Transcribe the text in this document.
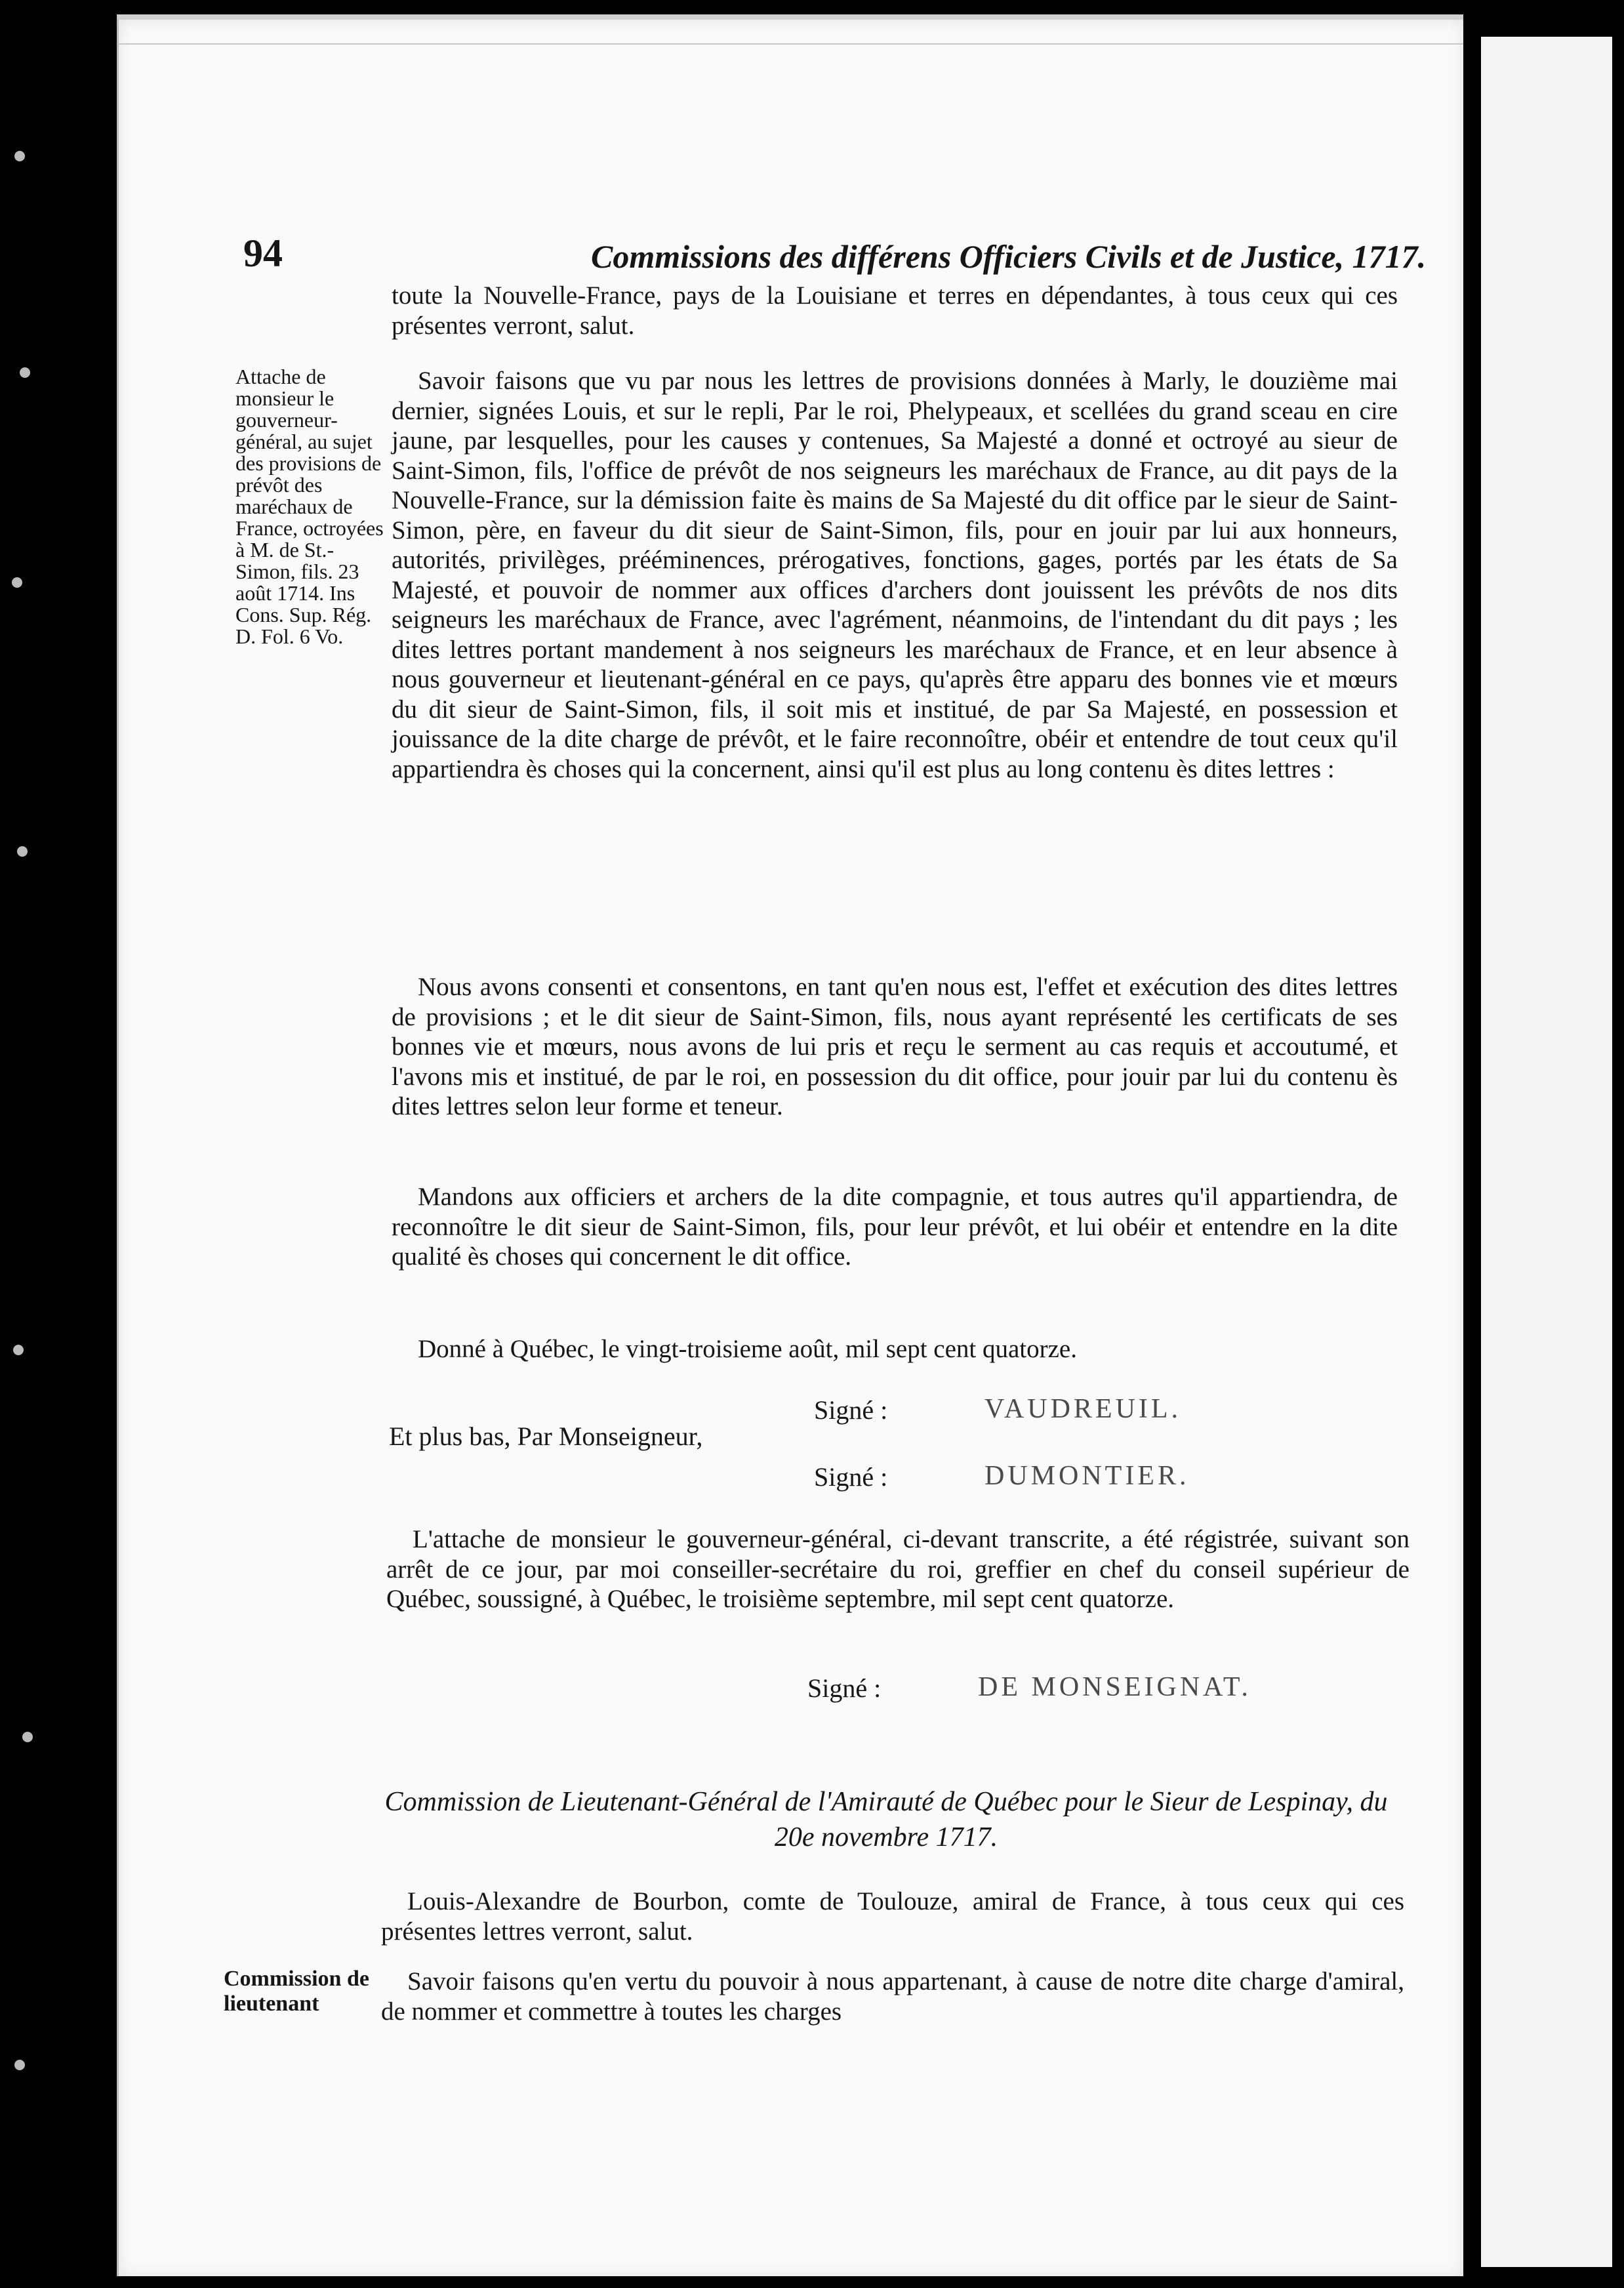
94	Commissions des différens Officiers Civils et de Justice, 1717.

toute la Nouvelle-France, pays de la Louisiane et terres en dépendantes, à tous ceux qui ces présentes verront, salut.

Attache de monsieur le gouverneur-général, au sujet des provisions de prévôt des maréchaux de France, octroyées à M. de St.-Simon, fils. 23 août 1714. Ins Cons. Sup. Rég. D. Fol. 6 Vo.

Savoir faisons que vu par nous les lettres de provisions données à Marly, le douzième mai dernier, signées Louis, et sur le repli, Par le roi, Phelypeaux, et scellées du grand sceau en cire jaune, par lesquelles, pour les causes y contenues, Sa Majesté a donné et octroyé au sieur de Saint-Simon, fils, l'office de prévôt de nos seigneurs les maréchaux de France, au dit pays de la Nouvelle-France, sur la démission faite ès mains de Sa Majesté du dit office par le sieur de Saint-Simon, père, en faveur du dit sieur de Saint-Simon, fils, pour en jouir par lui aux honneurs, autorités, privilèges, prééminences, prérogatives, fonctions, gages, portés par les états de Sa Majesté, et pouvoir de nommer aux offices d'archers dont jouissent les prévôts de nos dits seigneurs les maréchaux de France, avec l'agrément, néanmoins, de l'intendant du dit pays ; les dites lettres portant mandement à nos seigneurs les maréchaux de France, et en leur absence à nous gouverneur et lieutenant-général en ce pays, qu'après être apparu des bonnes vie et mœurs du dit sieur de Saint-Simon, fils, il soit mis et institué, de par Sa Majesté, en possession et jouissance de la dite charge de prévôt, et le faire reconnoître, obéir et entendre de tout ceux qu'il appartiendra ès choses qui la concernent, ainsi qu'il est plus au long contenu ès dites lettres :

Nous avons consenti et consentons, en tant qu'en nous est, l'effet et exécution des dites lettres de provisions ; et le dit sieur de Saint-Simon, fils, nous ayant représenté les certificats de ses bonnes vie et mœurs, nous avons de lui pris et reçu le serment au cas requis et accoutumé, et l'avons mis et institué, de par le roi, en possession du dit office, pour jouir par lui du contenu ès dites lettres selon leur forme et teneur.

Mandons aux officiers et archers de la dite compagnie, et tous autres qu'il appartiendra, de reconnoître le dit sieur de Saint-Simon, fils, pour leur prévôt, et lui obéir et entendre en la dite qualité ès choses qui concernent le dit office.

Donné à Québec, le vingt-troisieme août, mil sept cent quatorze.

Signé :	VAUDREUIL.
Et plus bas, Par Monseigneur,
Signé :	DUMONTIER.

L'attache de monsieur le gouverneur-général, ci-devant transcrite, a été régistrée, suivant son arrêt de ce jour, par moi conseiller-secrétaire du roi, greffier en chef du conseil supérieur de Québec, soussigné, à Québec, le troisième septembre, mil sept cent quatorze.

Signé :	DE MONSEIGNAT.
Commission de Lieutenant-Général de l'Amirauté de Québec pour le Sieur de Lespinay, du 20e novembre 1717.

Louis-Alexandre de Bourbon, comte de Toulouze, amiral de France, à tous ceux qui ces présentes lettres verront, salut.

Commission de lieutenant

Savoir faisons qu'en vertu du pouvoir à nous appartenant, à cause de notre dite charge d'amiral, de nommer et commettre à toutes les charges
